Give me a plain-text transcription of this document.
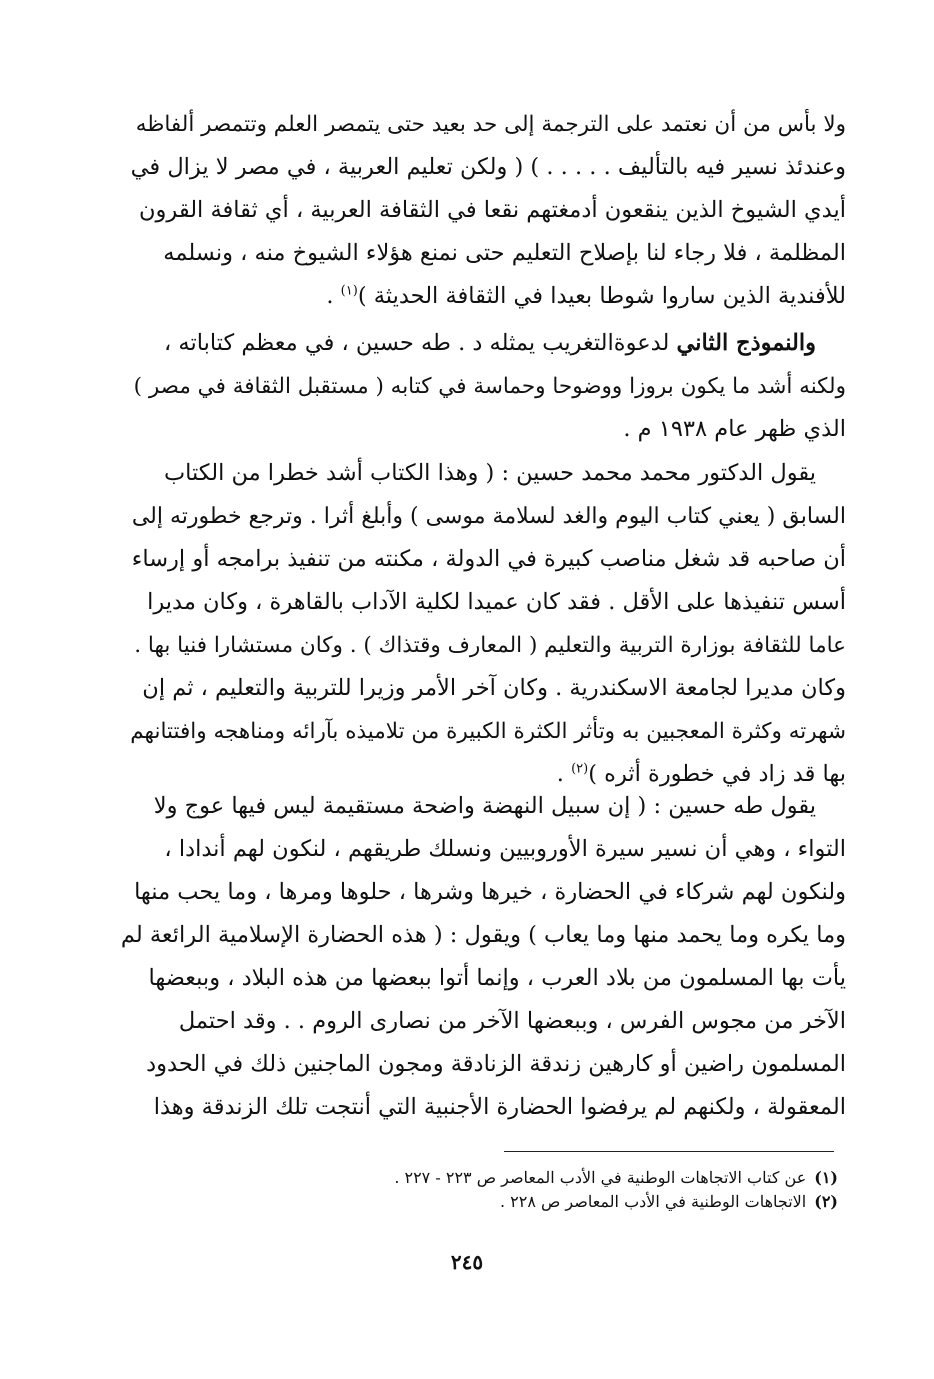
ولا بأس من أن نعتمد على الترجمة إلى حد بعيد حتى يتمصر العلم وتتمصر ألفاظه
وعندئذ نسير فيه بالتأليف . . . . . ) ( ولكن تعليم العربية ، في مصر لا يزال في
أيدي الشيوخ الذين ينقعون أدمغتهم نقعا في الثقافة العربية ، أي ثقافة القرون
المظلمة ، فلا رجاء لنا بإصلاح التعليم حتى نمنع هؤلاء الشيوخ منه ، ونسلمه
للأفندية الذين ساروا شوطا بعيدا في الثقافة الحديثة )$^{(١)}$ .
والنموذج الثاني لدعوةالتغريب يمثله د . طه حسين ، في معظم كتاباته ،
ولكنه أشد ما يكون بروزا ووضوحا وحماسة في كتابه ( مستقبل الثقافة في مصر )
الذي ظهر عام ١٩٣٨ م .
يقول الدكتور محمد محمد حسين : ( وهذا الكتاب أشد خطرا من الكتاب
السابق ( يعني كتاب اليوم والغد لسلامة موسى ) وأبلغ أثرا . وترجع خطورته إلى
أن صاحبه قد شغل مناصب كبيرة في الدولة ، مكنته من تنفيذ برامجه أو إرساء
أسس تنفيذها على الأقل . فقد كان عميدا لكلية الآداب بالقاهرة ، وكان مديرا
عاما للثقافة بوزارة التربية والتعليم ( المعارف وقتذاك ) . وكان مستشارا فنيا بها .
وكان مديرا لجامعة الاسكندرية . وكان آخر الأمر وزيرا للتربية والتعليم ، ثم إن
شهرته وكثرة المعجبين به وتأثر الكثرة الكبيرة من تلاميذه بآرائه ومناهجه وافتتانهم
بها قد زاد في خطورة أثره )$^{(٢)}$ .
يقول طه حسين : ( إن سبيل النهضة واضحة مستقيمة ليس فيها عوج ولا
التواء ، وهي أن نسير سيرة الأوروبيين ونسلك طريقهم ، لنكون لهم أندادا ،
ولنكون لهم شركاء في الحضارة ، خيرها وشرها ، حلوها ومرها ، وما يحب منها
وما يكره وما يحمد منها وما يعاب ) ويقول : ( هذه الحضارة الإسلامية الرائعة لم
يأت بها المسلمون من بلاد العرب ، وإنما أتوا ببعضها من هذه البلاد ، وببعضها
الآخر من مجوس الفرس ، وببعضها الآخر من نصارى الروم . . وقد احتمل
المسلمون راضين أو كارهين زندقة الزنادقة ومجون الماجنين ذلك في الحدود
المعقولة ، ولكنهم لم يرفضوا الحضارة الأجنبية التي أنتجت تلك الزندقة وهذا
(١)عن كتاب الاتجاهات الوطنية في الأدب المعاصر ص ٢٢٣ - ٢٢٧ .
(٢)الاتجاهات الوطنية في الأدب المعاصر ص ٢٢٨ .
٢٤٥
